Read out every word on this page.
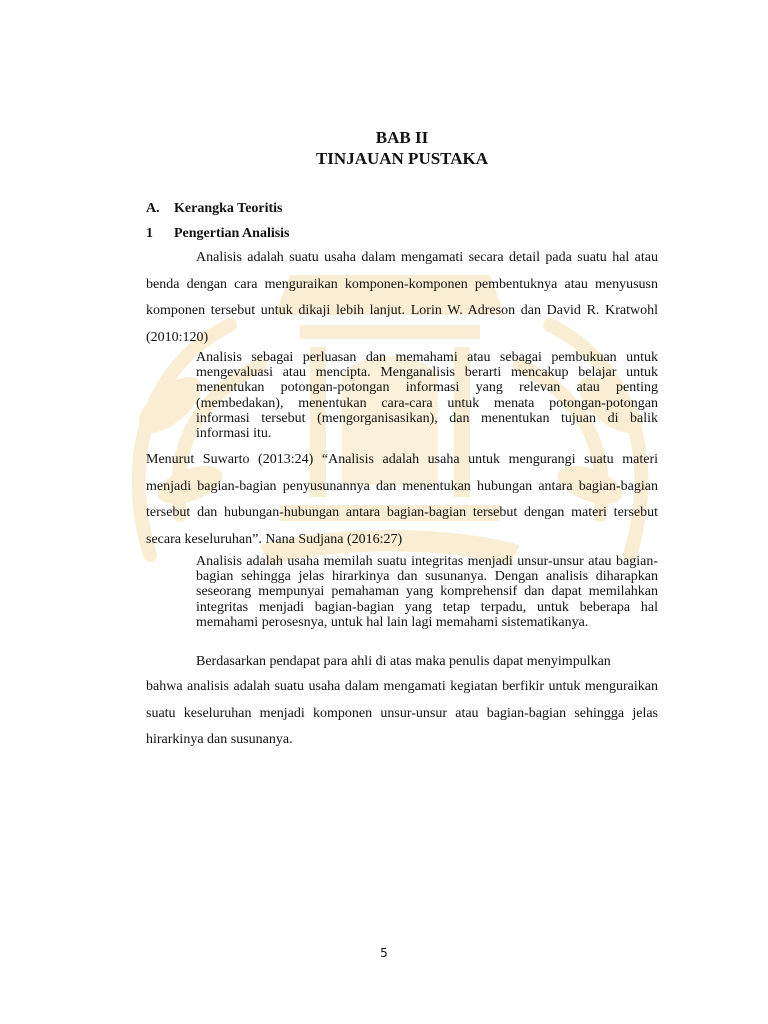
BAB II
TINJAUAN PUSTAKA
A. Kerangka Teoritis
1 Pengertian Analisis

Analisis adalah suatu usaha dalam mengamati secara detail pada suatu hal atau benda dengan cara menguraikan komponen-komponen pembentuknya atau menyususn komponen tersebut untuk dikaji lebih lanjut. Lorin W. Adreson dan David R. Kratwohl (2010:120)

Analisis sebagai perluasan dan memahami atau sebagai pembukuan untuk mengevaluasi atau mencipta. Menganalisis berarti mencakup belajar untuk menentukan potongan-potongan informasi yang relevan atau penting (membedakan), menentukan cara-cara untuk menata potongan-potongan informasi tersebut (mengorganisasikan), dan menentukan tujuan di balik informasi itu.

Menurut Suwarto (2013:24) “Analisis adalah usaha untuk mengurangi suatu materi menjadi bagian-bagian penyusunannya dan menentukan hubungan antara bagian-bagian tersebut dan hubungan-hubungan antara bagian-bagian tersebut dengan materi tersebut secara keseluruhan”. Nana Sudjana (2016:27)

Analisis adalah usaha memilah suatu integritas menjadi unsur-unsur atau bagian-bagian sehingga jelas hirarkinya dan susunanya. Dengan analisis diharapkan seseorang mempunyai pemahaman yang komprehensif dan dapat memilahkan integritas menjadi bagian-bagian yang tetap terpadu, untuk beberapa hal memahami perosesnya, untuk hal lain lagi memahami sistematikanya.

Berdasarkan pendapat para ahli di atas maka penulis dapat menyimpulkan

bahwa analisis adalah suatu usaha dalam mengamati kegiatan berfikir untuk menguraikan suatu keseluruhan menjadi komponen unsur-unsur atau bagian-bagian sehingga jelas hirarkinya dan susunanya.

5
